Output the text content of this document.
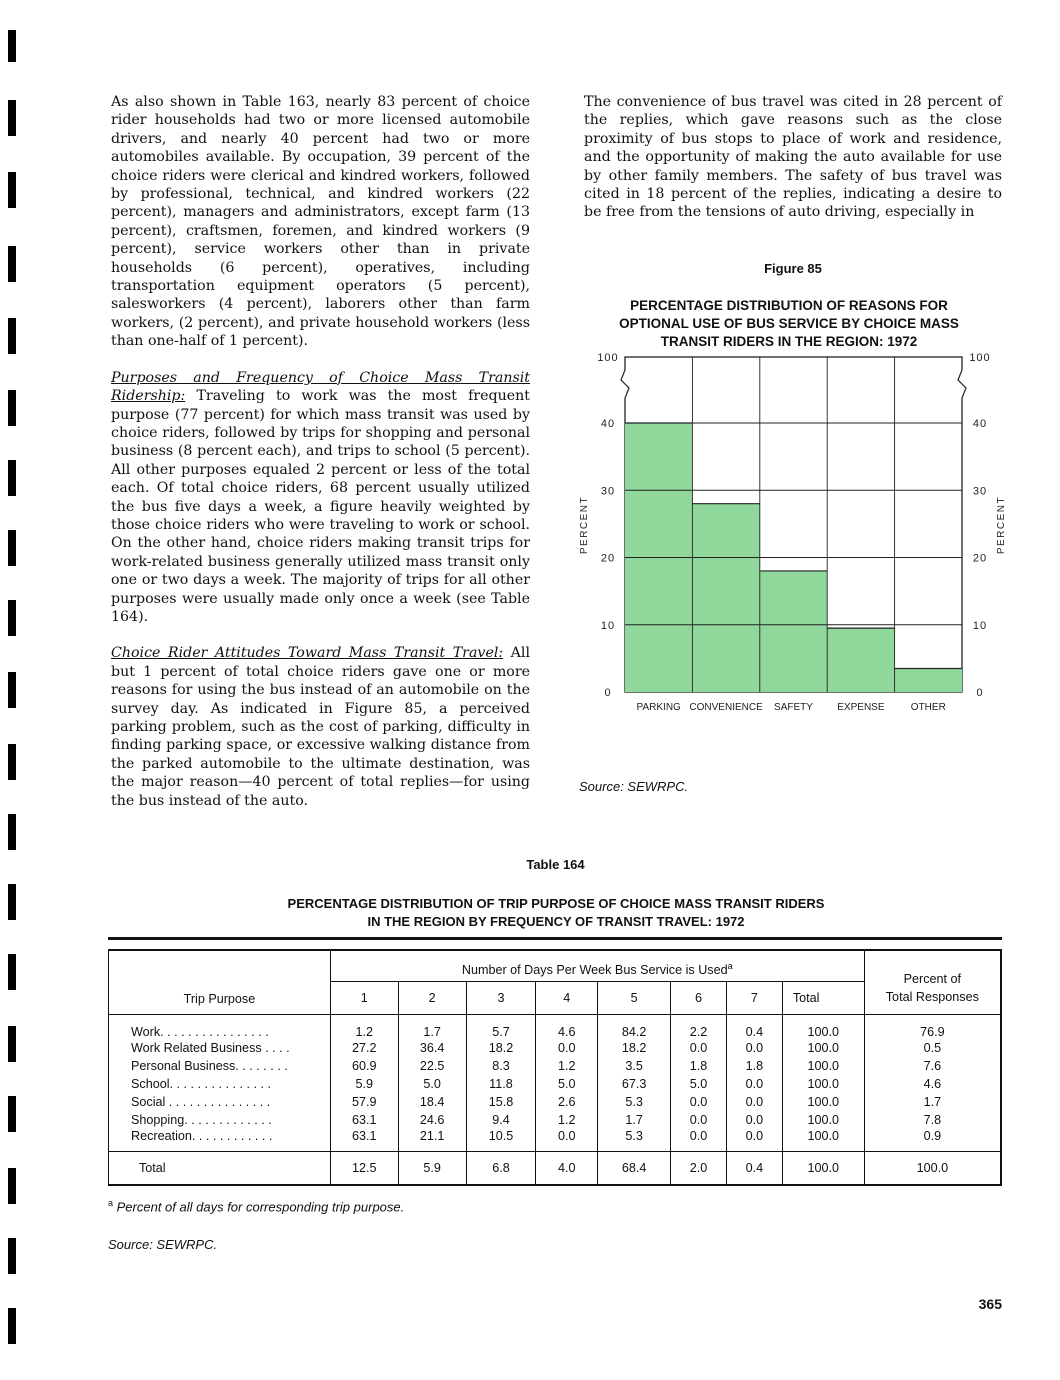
As also shown in Table 163, nearly 83 percent of choice rider households had two or more licensed automobile drivers, and nearly 40 percent had two or more automobiles available. By occupation, 39 percent of the choice riders were clerical and kindred workers, followed by professional, technical, and kindred workers (22 percent), managers and administrators, except farm (13 percent), craftsmen, foremen, and kindred workers (9 percent), service workers other than in private households (6 percent), operatives, including transportation equipment operators (5 percent), salesworkers (4 percent), laborers other than farm workers, (2 percent), and private household workers (less than one-half of 1 percent).

Purposes and Frequency of Choice Mass Transit Ridership: Traveling to work was the most frequent purpose (77 percent) for which mass transit was used by choice riders, followed by trips for shopping and personal business (8 percent each), and trips to school (5 percent). All other purposes equaled 2 percent or less of the total each. Of total choice riders, 68 percent usually utilized the bus five days a week, a figure heavily weighted by those choice riders who were traveling to work or school. On the other hand, choice riders making transit trips for work-related business generally utilized mass transit only one or two days a week. The majority of trips for all other purposes were usually made only once a week (see Table 164).

Choice Rider Attitudes Toward Mass Transit Travel: All but 1 percent of total choice riders gave one or more reasons for using the bus instead of an automobile on the survey day. As indicated in Figure 85, a perceived parking problem, such as the cost of parking, difficulty in finding parking space, or excessive walking distance from the parked automobile to the ultimate destination, was the major reason—40 percent of total replies—for using the bus instead of the auto.

The convenience of bus travel was cited in 28 percent of the replies, which gave reasons such as the close proximity of bus stops to place of work and residence, and the opportunity of making the auto available for use by other family members. The safety of bus travel was cited in 18 percent of the replies, indicating a desire to be free from the tensions of auto driving, especially in

Figure 85
PERCENTAGE DISTRIBUTION OF REASONS FOR OPTIONAL USE OF BUS SERVICE BY CHOICE MASS TRANSIT RIDERS IN THE REGION: 1972
0	0
10	10
20	20
30	30
40	40
100	100
PERCENT	PERCENT
PARKING CONVENIENCE SAFETY EXPENSE	OTHER
Source: SEWRPC.
Table 164
PERCENTAGE DISTRIBUTION OF TRIP PURPOSE OF CHOICE MASS TRANSIT RIDERS
IN THE REGION BY FREQUENCY OF TRANSIT TRAVEL: 1972
Trip Purpose	Number of Days Per Week Bus Service is Used$^a$								Percent of
Total Responses

	1	2	3	4	5	6	7	Total	
Work. . . . . . . . . . . . . . . .	1.2	1.7	5.7	4.6	84.2	2.2	0.4	100.0	76.9
Work Related Business . . . .	27.2	36.4	18.2	0.0	18.2	0.0	0.0	100.0	0.5
Personal Business. . . . . . . .	60.9	22.5	8.3	1.2	3.5	1.8	1.8	100.0	7.6
School. . . . . . . . . . . . . . .	5.9	5.0	11.8	5.0	67.3	5.0	0.0	100.0	4.6
Social . . . . . . . . . . . . . . .	57.9	18.4	15.8	2.6	5.3	0.0	0.0	100.0	1.7
Shopping. . . . . . . . . . . . .	63.1	24.6	9.4	1.2	1.7	0.0	0.0	100.0	7.8
Recreation. . . . . . . . . . . .	63.1	21.1	10.5	0.0	5.3	0.0	0.0	100.0	0.9
Total	12.5	5.9	6.8	4.0	68.4	2.0	0.4	100.0	100.0
$^a$ Percent of all days for corresponding trip purpose.
Source: SEWRPC.
365
